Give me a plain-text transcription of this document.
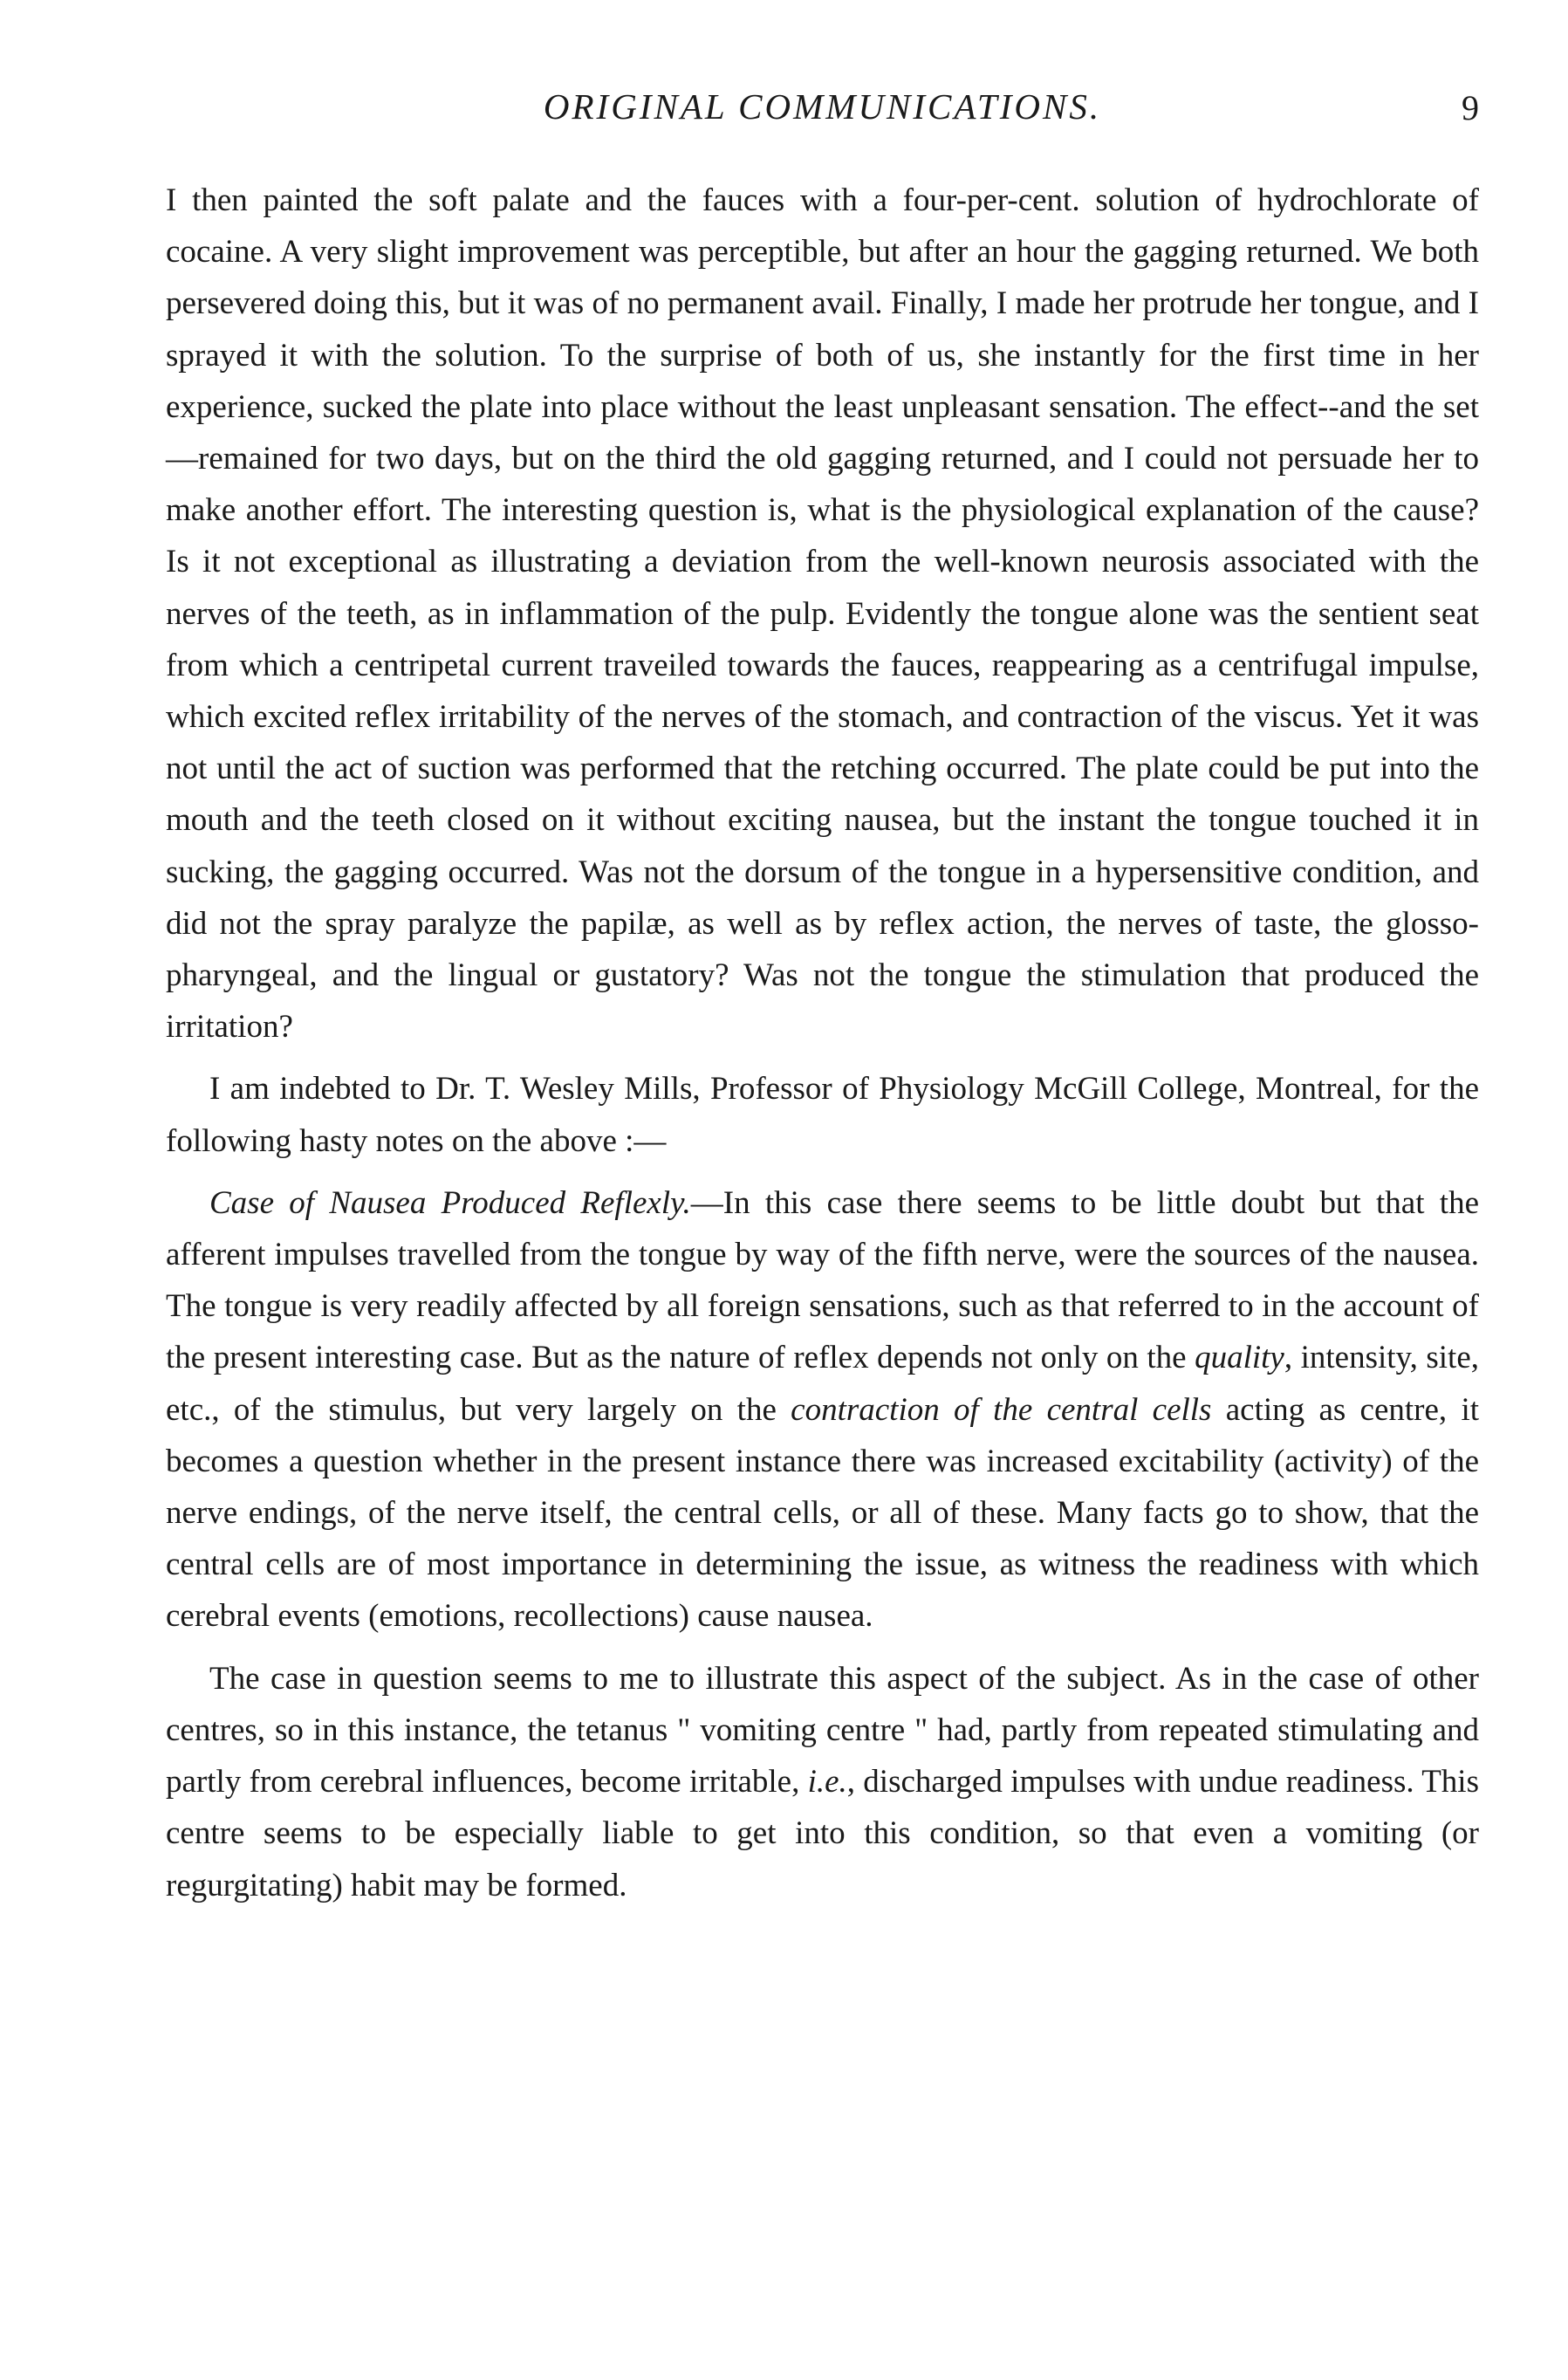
ORIGINAL COMMUNICATIONS.	9

I then painted the soft palate and the fauces with a four-per-cent. solution of hydrochlorate of cocaine. A very slight improvement was perceptible, but after an hour the gagging returned. We both persevered doing this, but it was of no permanent avail. Finally, I made her protrude her tongue, and I sprayed it with the solution. To the surprise of both of us, she instantly for the first time in her experience, sucked the plate into place without the least unpleasant sensation. The effect--and the set—remained for two days, but on the third the old gagging returned, and I could not persuade her to make another effort. The interesting question is, what is the physiological explanation of the cause? Is it not exceptional as illustrating a deviation from the well-known neurosis associated with the nerves of the teeth, as in inflammation of the pulp. Evidently the tongue alone was the sentient seat from which a centripetal current traveiled towards the fauces, reappearing as a centrifugal impulse, which excited reflex irritability of the nerves of the stomach, and contraction of the viscus. Yet it was not until the act of suction was performed that the retching occurred. The plate could be put into the mouth and the teeth closed on it without exciting nausea, but the instant the tongue touched it in sucking, the gagging occurred. Was not the dorsum of the tongue in a hypersensitive condition, and did not the spray paralyze the papilæ, as well as by reflex action, the nerves of taste, the glosso-pharyngeal, and the lingual or gustatory? Was not the tongue the stimulation that produced the irritation?

I am indebted to Dr. T. Wesley Mills, Professor of Physiology McGill College, Montreal, for the following hasty notes on the above :—

Case of Nausea Produced Reflexly.—In this case there seems to be little doubt but that the afferent impulses travelled from the tongue by way of the fifth nerve, were the sources of the nausea. The tongue is very readily affected by all foreign sensations, such as that referred to in the account of the present interesting case. But as the nature of reflex depends not only on the quality, intensity, site, etc., of the stimulus, but very largely on the contraction of the central cells acting as centre, it becomes a question whether in the present instance there was increased excitability (activity) of the nerve endings, of the nerve itself, the central cells, or all of these. Many facts go to show, that the central cells are of most importance in determining the issue, as witness the readiness with which cerebral events (emotions, recollections) cause nausea.

The case in question seems to me to illustrate this aspect of the subject. As in the case of other centres, so in this instance, the tetanus " vomiting centre " had, partly from repeated stimulating and partly from cerebral influences, become irritable, i.e., discharged impulses with undue readiness. This centre seems to be especially liable to get into this condition, so that even a vomiting (or regurgitating) habit may be formed.
